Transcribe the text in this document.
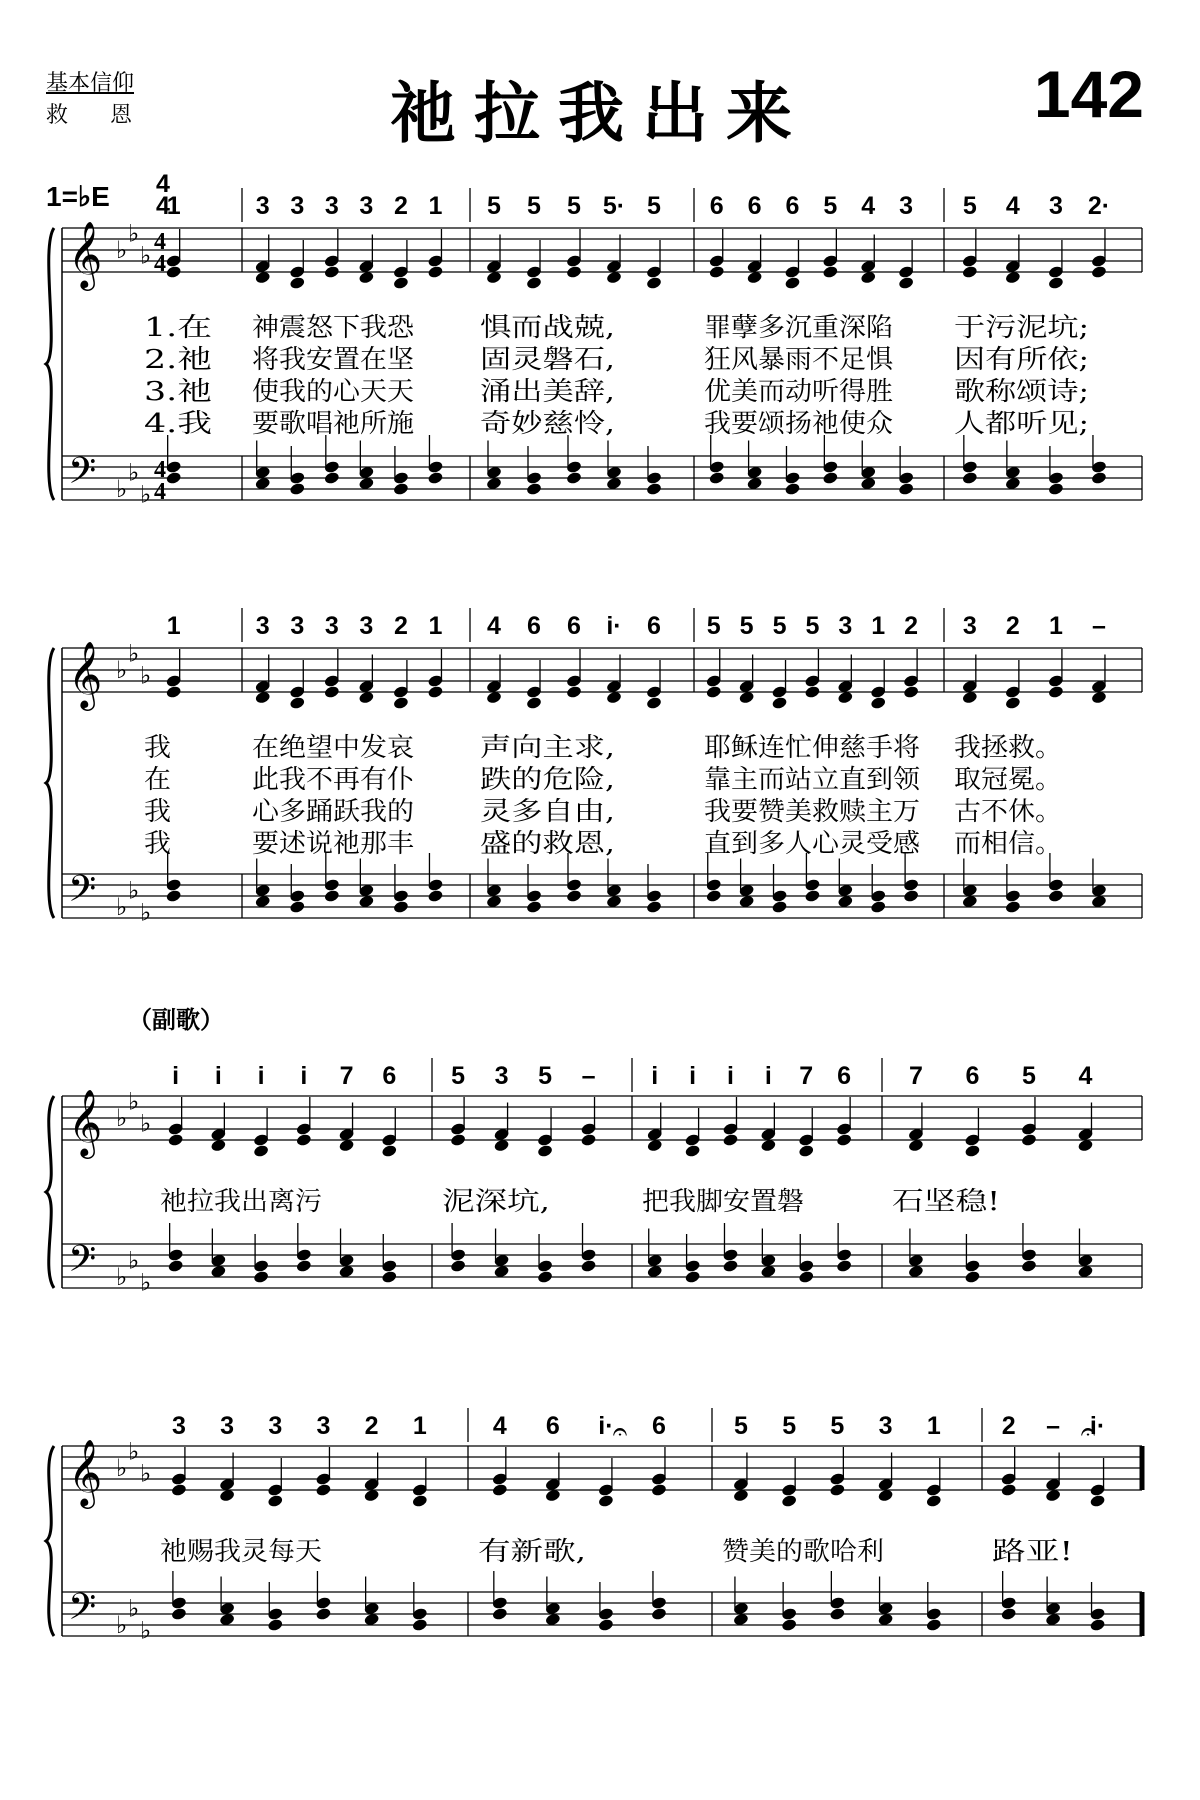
基本信仰
救恩	祂拉我出来	142
1=♭E
（副歌）
4
4
𝄞 ♭
♭
♭ 4
4
𝄢 ♭
♭
♭
4
4
1	3 3 3 3 2 1 5 5 5 5· 5 6 6 6 5 4 3 5 4 3 2·
1.在 神震怒下我恐 惧而战兢,	罪孽多沉重深陷 于污泥坑;
2.祂 将我安置在坚	固灵磐石,	狂风暴雨不足惧 因有所依;
3.祂 使我的心天天	涌出美辞,	优美而动听得胜 歌称颂诗;
4.我 要歌唱祂所施	奇妙慈怜,	我要颂扬祂使众 人都听见;
𝄞 ♭
♭
♭
𝄢 ♭
♭
♭
1	3 3 3 3 2 1 4 6 6 i· 6 5 5 5 5 3 1 2 3 2 1 –
我	在绝望中发哀	声向主求,	耶稣连忙伸慈手将 我拯救。
在	此我不再有仆	跌的危险,	靠主而站立直到领 取冠冕。
我	心多踊跃我的	灵多自由,	我要赞美救赎主万 古不休。
我	要述说祂那丰	盛的救恩,	直到多人心灵受感 而相信。
𝄞 ♭
♭
♭
𝄢 ♭
♭
♭
i i i i 7 6 5 3 5 – i i i i 7 6 7 6 5 4
祂拉我出离污	泥深坑,	把我脚安置磐	石坚稳!
𝄞 ♭
♭
♭
𝄢 ♭
♭
♭
3 3 3 3 2 1	4 6 i· 6	5 5 5 3 1 2 – i·
祂赐我灵每天	有新歌,	赞美的歌哈利	路亚!
𝄐
𝄐
